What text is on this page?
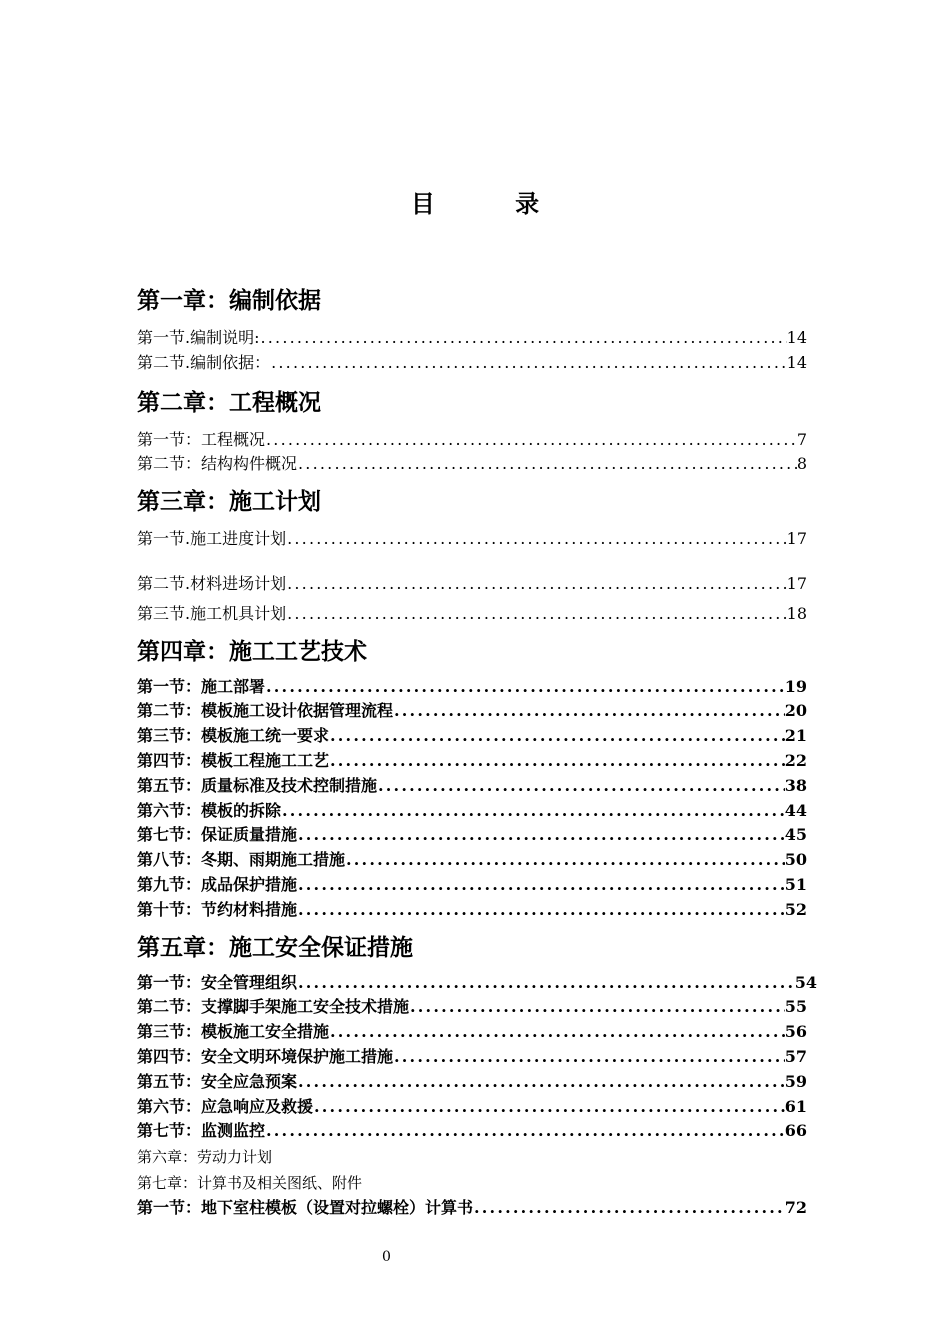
目 录
第一章：编制依据
第一节.编制说明: .....	14
第二节.编制依据： .....	14
第二章：工程概况
第一节：工程概况 .....	7
第二节：结构构件概况 .....	8
第三章：施工计划
第一节.施工进度计划 .....	17
第二节.材料进场计划 .....	17
第三节.施工机具计划 .....	18
第四章：施工工艺技术
第一节：施工部署 .....	19
第二节：模板施工设计依据管理流程 .....	20
第三节：模板施工统一要求 .....	21
第四节：模板工程施工工艺 .....	22
第五节：质量标准及技术控制措施 .....	38
第六节：模板的拆除 .....	44
第七节：保证质量措施 .....	45
第八节：冬期、雨期施工措施 .....	50
第九节：成品保护措施 .....	51
第十节：节约材料措施 .....	52
第五章：施工安全保证措施
第一节：安全管理组织 .....	54
第二节：支撑脚手架施工安全技术措施 .....	55
第三节：模板施工安全措施 .....	56
第四节：安全文明环境保护施工措施 .....	57
第五节：安全应急预案 .....	59
第六节：应急响应及救援 .....	61
第七节：监测监控 .....	66
第六章：劳动力计划
第七章：计算书及相关图纸、附件
第一节：地下室柱模板（设置对拉螺栓）计算书 .....	72
0
